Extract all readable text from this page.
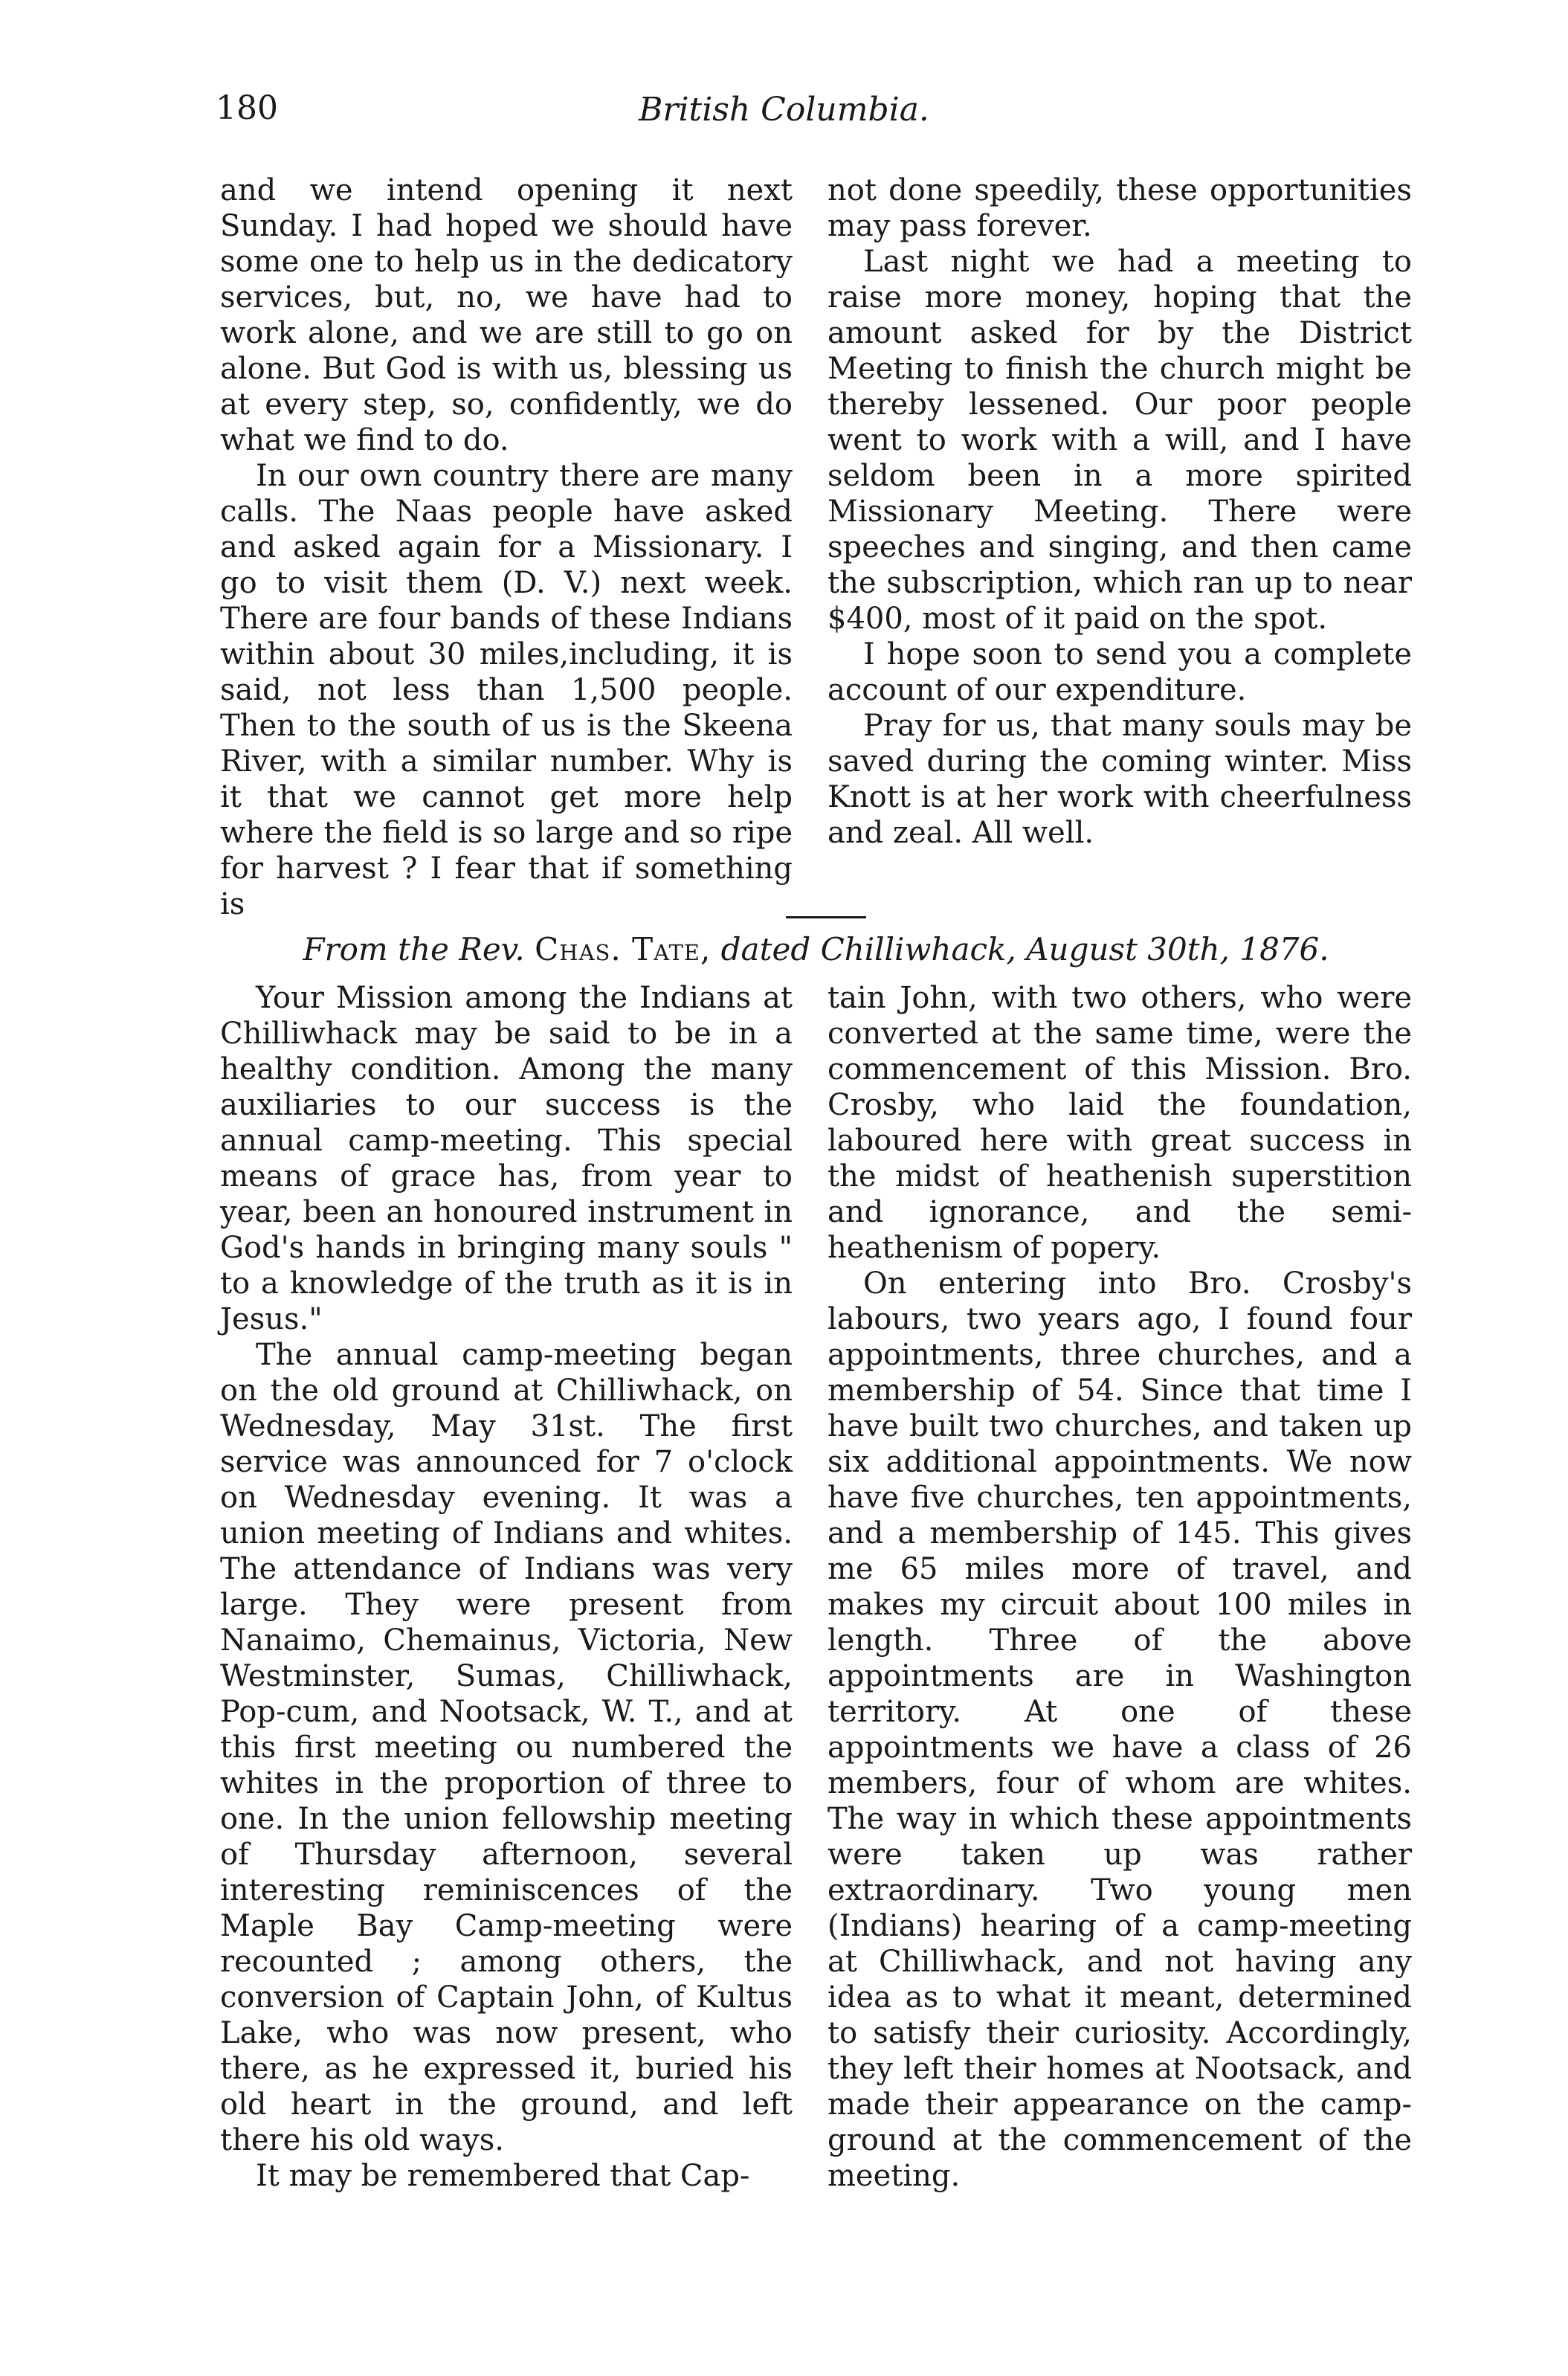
180	British Columbia.

and we intend opening it next Sunday. I had hoped we should have some one to help us in the dedicatory services, but, no, we have had to work alone, and we are still to go on alone. But God is with us, blessing us at every step, so, confidently, we do what we find to do.

In our own country there are many calls. The Naas people have asked and asked again for a Missionary. I go to visit them (D. V.) next week. There are four bands of these Indians within about 30 miles,including, it is said, not less than 1,500 people. Then to the south of us is the Skeena River, with a similar number. Why is it that we cannot get more help where the field is so large and so ripe for harvest ? I fear that if something is

not done speedily, these opportunities may pass forever.

Last night we had a meeting to raise more money, hoping that the amount asked for by the District Meeting to finish the church might be thereby lessened. Our poor people went to work with a will, and I have seldom been in a more spirited Missionary Meeting. There were speeches and singing, and then came the subscription, which ran up to near $400, most of it paid on the spot.

I hope soon to send you a complete account of our expenditure.

Pray for us, that many souls may be saved during the coming winter. Miss Knott is at her work with cheerfulness and zeal. All well.

From the Rev. Chas. Tate, dated Chilliwhack, August 30th, 1876.

Your Mission among the Indians at Chilliwhack may be said to be in a healthy condition. Among the many auxiliaries to our success is the annual camp-meeting. This special means of grace has, from year to year, been an honoured instrument in God's hands in bringing many souls " to a knowledge of the truth as it is in Jesus."

The annual camp-meeting began on the old ground at Chilliwhack, on Wednesday, May 31st. The first service was announced for 7 o'clock on Wednesday evening. It was a union meeting of Indians and whites. The attendance of Indians was very large. They were present from Nanaimo, Chemainus, Victoria, New Westminster, Sumas, Chilliwhack, Pop-cum, and Nootsack, W. T., and at this first meeting ou numbered the whites in the proportion of three to one. In the union fellowship meeting of Thursday afternoon, several interesting reminiscences of the Maple Bay Camp-meeting were recounted ; among others, the conversion of Captain John, of Kultus Lake, who was now present, who there, as he expressed it, buried his old heart in the ground, and left there his old ways.

It may be remembered that Cap-

tain John, with two others, who were converted at the same time, were the commencement of this Mission. Bro. Crosby, who laid the foundation, laboured here with great success in the midst of heathenish superstition and ignorance, and the semi-heathenism of popery.

On entering into Bro. Crosby's labours, two years ago, I found four appointments, three churches, and a membership of 54. Since that time I have built two churches, and taken up six additional appointments. We now have five churches, ten appointments, and a membership of 145. This gives me 65 miles more of travel, and makes my circuit about 100 miles in length. Three of the above appointments are in Washington territory. At one of these appointments we have a class of 26 members, four of whom are whites. The way in which these appointments were taken up was rather extraordinary. Two young men (Indians) hearing of a camp-meeting at Chilliwhack, and not having any idea as to what it meant, determined to satisfy their curiosity. Accordingly, they left their homes at Nootsack, and made their appearance on the camp-ground at the commencement of the meeting.
